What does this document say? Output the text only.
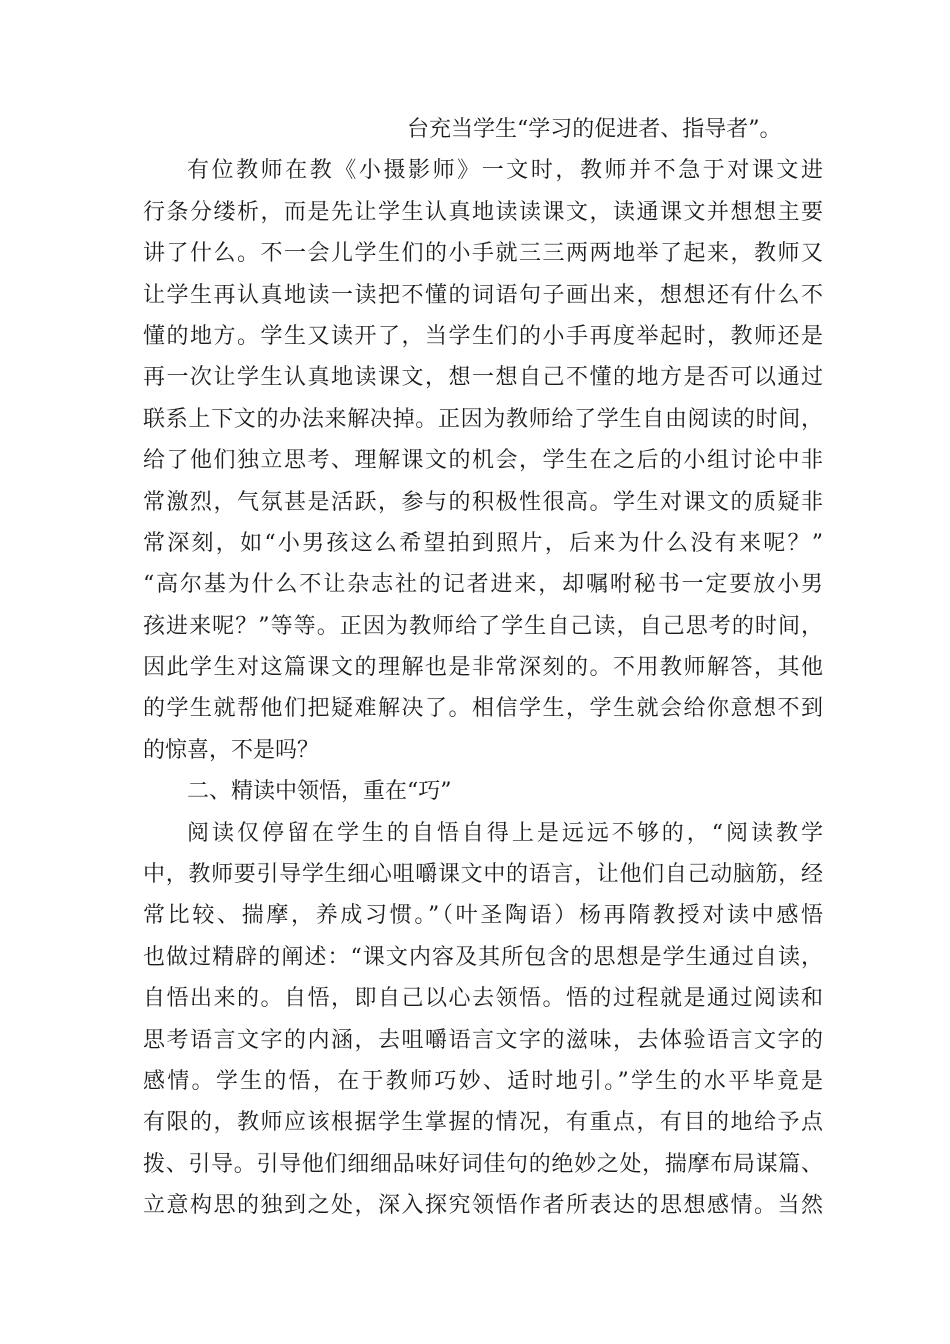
台充当学生“学习的促进者、指导者”。
有位教师在教《小摄影师》一文时，教师并不急于对课文进
行条分缕析，而是先让学生认真地读读课文，读通课文并想想主要
讲了什么。不一会儿学生们的小手就三三两两地举了起来，教师又
让学生再认真地读一读把不懂的词语句子画出来，想想还有什么不
懂的地方。学生又读开了，当学生们的小手再度举起时，教师还是
再一次让学生认真地读课文，想一想自己不懂的地方是否可以通过
联系上下文的办法来解决掉。正因为教师给了学生自由阅读的时间，
给了他们独立思考、理解课文的机会，学生在之后的小组讨论中非
常激烈，气氛甚是活跃，参与的积极性很高。学生对课文的质疑非
常深刻，如“小男孩这么希望拍到照片，后来为什么没有来呢？”
“高尔基为什么不让杂志社的记者进来，却嘱咐秘书一定要放小男
孩进来呢？”等等。正因为教师给了学生自己读，自己思考的时间，
因此学生对这篇课文的理解也是非常深刻的。不用教师解答，其他
的学生就帮他们把疑难解决了。相信学生，学生就会给你意想不到
的惊喜，不是吗？
二、精读中领悟，重在“巧”
阅读仅停留在学生的自悟自得上是远远不够的，“阅读教学
中，教师要引导学生细心咀嚼课文中的语言，让他们自己动脑筋，经
常比较、揣摩，养成习惯。”（叶圣陶语）杨再隋教授对读中感悟
也做过精辟的阐述：“课文内容及其所包含的思想是学生通过自读，
自悟出来的。自悟，即自己以心去领悟。悟的过程就是通过阅读和
思考语言文字的内涵，去咀嚼语言文字的滋味，去体验语言文字的
感情。学生的悟，在于教师巧妙、适时地引。”学生的水平毕竟是
有限的，教师应该根据学生掌握的情况，有重点，有目的地给予点
拨、引导。引导他们细细品味好词佳句的绝妙之处，揣摩布局谋篇、
立意构思的独到之处，深入探究领悟作者所表达的思想感情。当然
